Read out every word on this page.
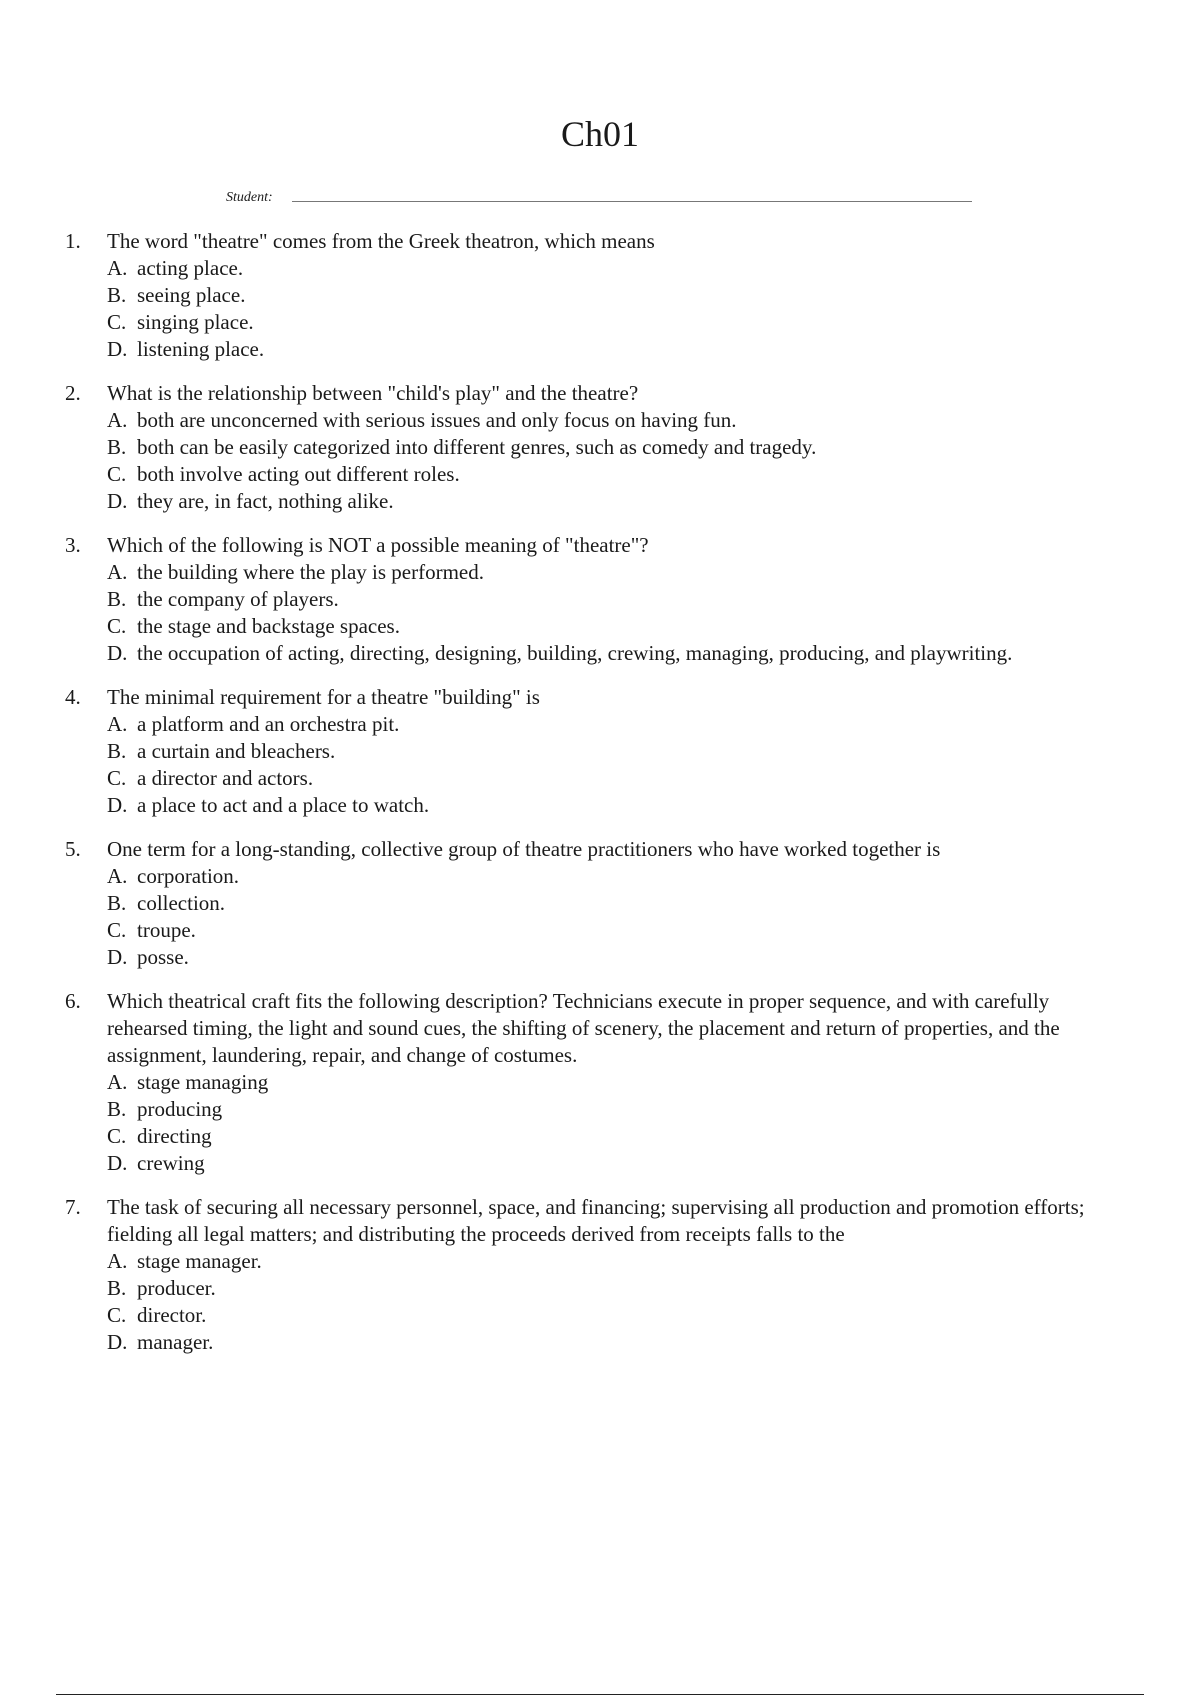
Ch01
Student:
1. The word "theatre" comes from the Greek theatron, which means
A. acting place.
B. seeing place.
C. singing place.
D. listening place.
2. What is the relationship between "child's play" and the theatre?
A. both are unconcerned with serious issues and only focus on having fun.
B. both can be easily categorized into different genres, such as comedy and tragedy.
C. both involve acting out different roles.
D. they are, in fact, nothing alike.
3. Which of the following is NOT a possible meaning of "theatre"?
A. the building where the play is performed.
B. the company of players.
C. the stage and backstage spaces.
D. the occupation of acting, directing, designing, building, crewing, managing, producing, and playwriting.
4. The minimal requirement for a theatre "building" is
A. a platform and an orchestra pit.
B. a curtain and bleachers.
C. a director and actors.
D. a place to act and a place to watch.
5. One term for a long-standing, collective group of theatre practitioners who have worked together is
A. corporation.
B. collection.
C. troupe.
D. posse.
6. Which theatrical craft fits the following description? Technicians execute in proper sequence, and with carefully rehearsed timing, the light and sound cues, the shifting of scenery, the placement and return of properties, and the assignment, laundering, repair, and change of costumes.
A. stage managing
B. producing
C. directing
D. crewing
7. The task of securing all necessary personnel, space, and financing; supervising all production and promotion efforts; fielding all legal matters; and distributing the proceeds derived from receipts falls to the
A. stage manager.
B. producer.
C. director.
D. manager.
